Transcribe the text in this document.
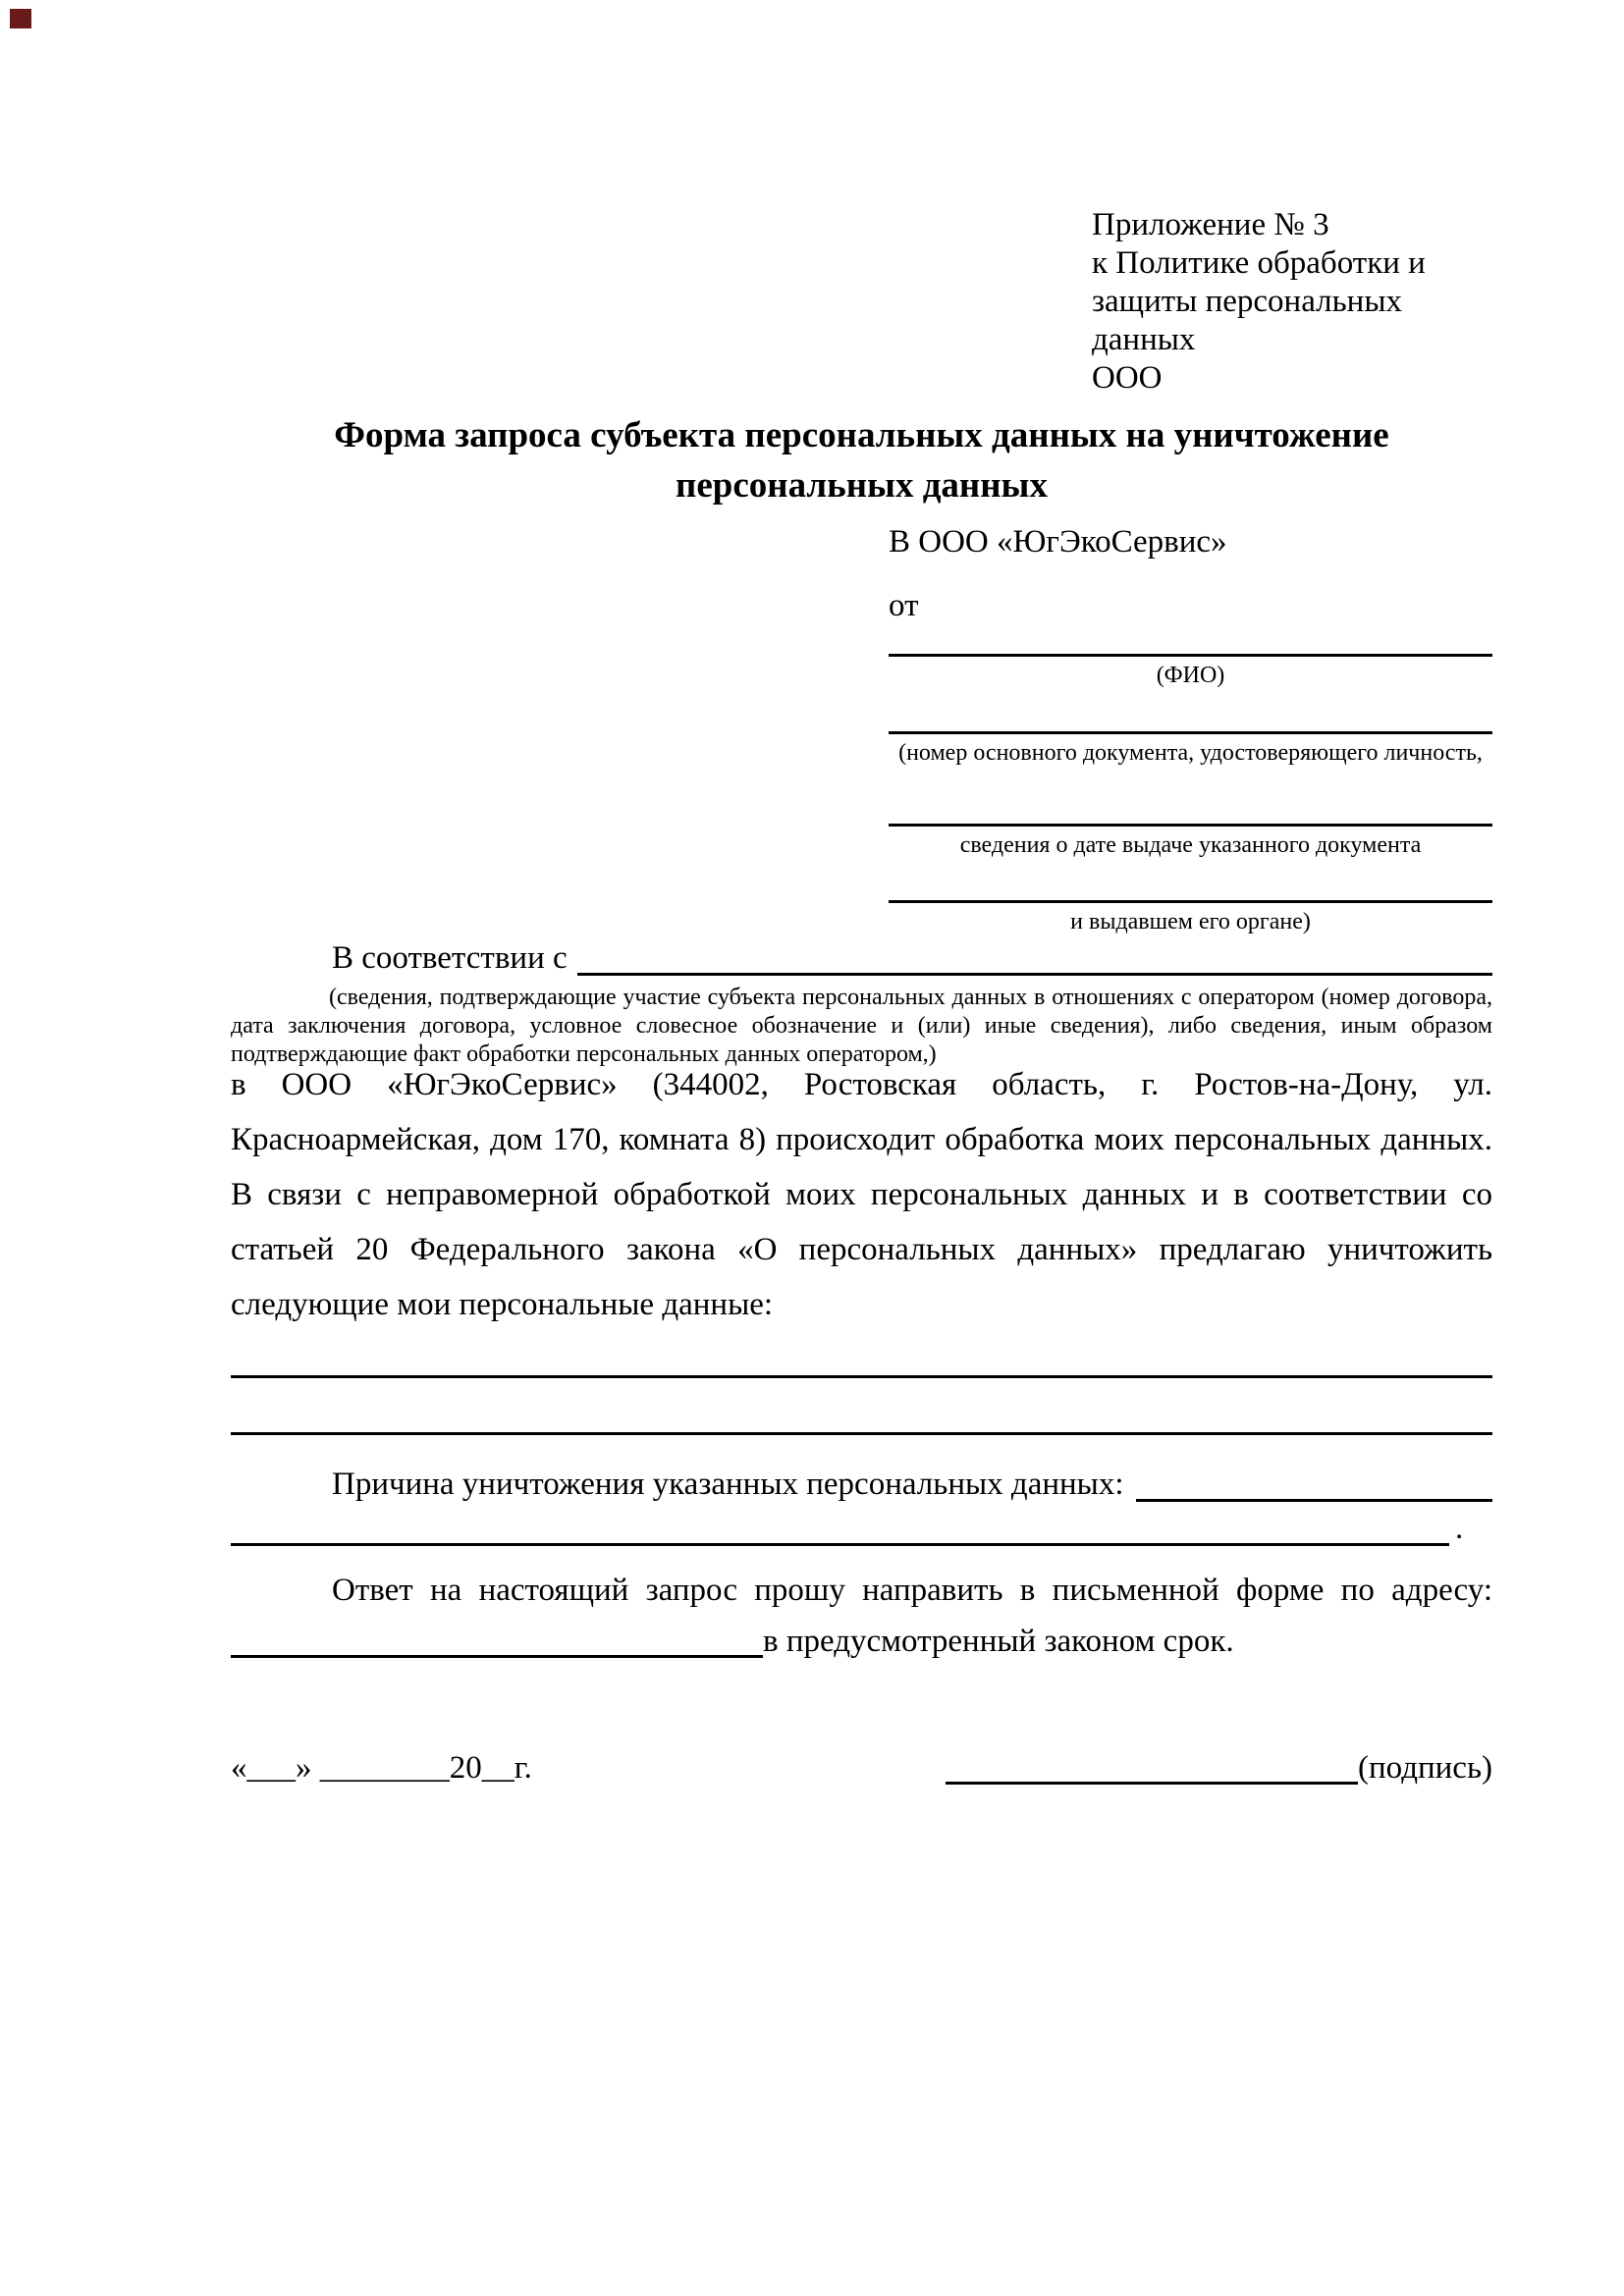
Приложение № 3
к Политике обработки и
защиты персональных данных
ООО
Форма запроса субъекта персональных данных на уничтожение
персональных данных
В ООО «ЮгЭкоСервис»
от
(ФИО)
(номер основного документа, удостоверяющего личность,
сведения о дате выдаче указанного документа
и выдавшем его органе)
В соответствии с
(сведения, подтверждающие участие субъекта персональных данных в отношениях с оператором (номер договора, дата заключения договора, условное словесное обозначение и (или) иные сведения), либо сведения, иным образом подтверждающие факт обработки персональных данных оператором,)
в ООО «ЮгЭкоСервис» (344002, Ростовская область, г. Ростов-на-Дону, ул. Красноармейская, дом 170, комната 8) происходит обработка моих персональных данных. В связи с неправомерной обработкой моих персональных данных и в соответствии со статьей 20 Федерального закона «О персональных данных» предлагаю уничтожить следующие мои персональные данные:
Причина уничтожения указанных персональных данных:
.
Ответ на настоящий запрос прошу направить в письменной форме по адресу:
в предусмотренный законом срок.
«___» ________20__г.	(подпись)
